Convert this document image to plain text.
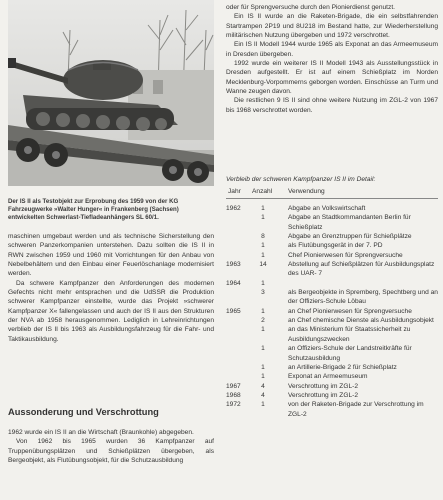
Der IS II als Testobjekt zur Erprobung des 1959 von der KG Fahrzeugwerke »Walter Hunger« in Frankenberg (Sachsen) entwickelten Schwerlast-Tiefladeanhängers SL 60/1.

maschinen umgebaut werden und als technische Sicherstellung den schweren Panzerkompanien unterstehen. Dazu sollten die IS II in RWN zwischen 1959 und 1960 mit Vorrichtungen für den Anbau von Nebelbehältern und den Einbau einer Feuerlöschanlage modernisiert werden.

Da schwere Kampfpanzer den Anforderungen des modernen Gefechts nicht mehr entsprachen und die UdSSR die Produktion schwerer Kampfpanzer einstellte, wurde das Projekt »schwerer Kampfpanzer X« fallengelassen und auch der IS II aus den Strukturen der NVA ab 1958 herausgenommen. Lediglich in Lehreinrichtungen verblieb der IS II bis 1963 als Ausbildungsfahrzeug für die Fahr- und Taktikausbildung.

Aussonderung und Verschrottung

1962 wurde ein IS II an die Wirtschaft (Braunkohle) abgegeben.

Von 1962 bis 1965 wurden 36 Kampfpanzer auf Truppenübungsplätzen und Schießplätzen übergeben, als Bergeobjekt, als Flutübungsobjekt, für die Schutzausbildung

oder für Sprengversuche durch den Pionierdienst genutzt.

Ein IS II wurde an die Raketen-Brigade, die ein selbstfahrenden Startrampen 2P19 und 8U218 im Bestand hatte, zur Wiederherstellung militärischen Nutzung übergeben und 1972 verschrottet.

Ein IS II Modell 1944 wurde 1965 als Exponat an das Armeemuseum in Dresden übergeben.

1992 wurde ein weiterer IS II Modell 1943 als Ausstellungsstück in Dresden aufgestellt. Er ist auf einem Schießplatz im Norden Mecklenburg-Vorpommerns geborgen worden. Einschüsse an Turm und Wanne zeugen davon.

Die restlichen 9 IS II sind ohne weitere Nutzung im ZGL-2 von 1967 bis 1968 verschrottet worden.

Verbleib der schweren Kampfpanzer IS II im Detail:
Jahr Anzahl Verwendung
1962	1	Abgabe an Volkswirtschaft
1	Abgabe an Stadtkommandanten Berlin für Schießplatz
8	Abgabe an Grenztruppen für Schießplätze
1	als Flutübungsgerät in der 7. PD
1	Chef Pionierwesen für Sprengversuche
1963	14	Abstellung auf Schießplätzen für Ausbildungsplatz des UAR- 7
1964	1

3	als Bergeobjekte in Spremberg, Spechtberg und an der Offiziers-Schule Löbau
1965	1	an Chef Pionierwesen für Sprengversuche
2	an Chef chemische Dienste als Ausbildungsobjekt
1	an das Ministerium für Staatssicherheit zu Ausbildungszwecken
1	an Offiziers-Schule der Landstreitkräfte für Schutzausbildung
1	an Artillerie-Brigade 2 für Schießplatz
1	Exponat an Armeemuseum
1967	4	Verschrottung im ZGL-2
1968	4	Verschrottung im ZGL-2
1972	1	von der Raketen-Brigade zur Verschrottung im ZGL-2
